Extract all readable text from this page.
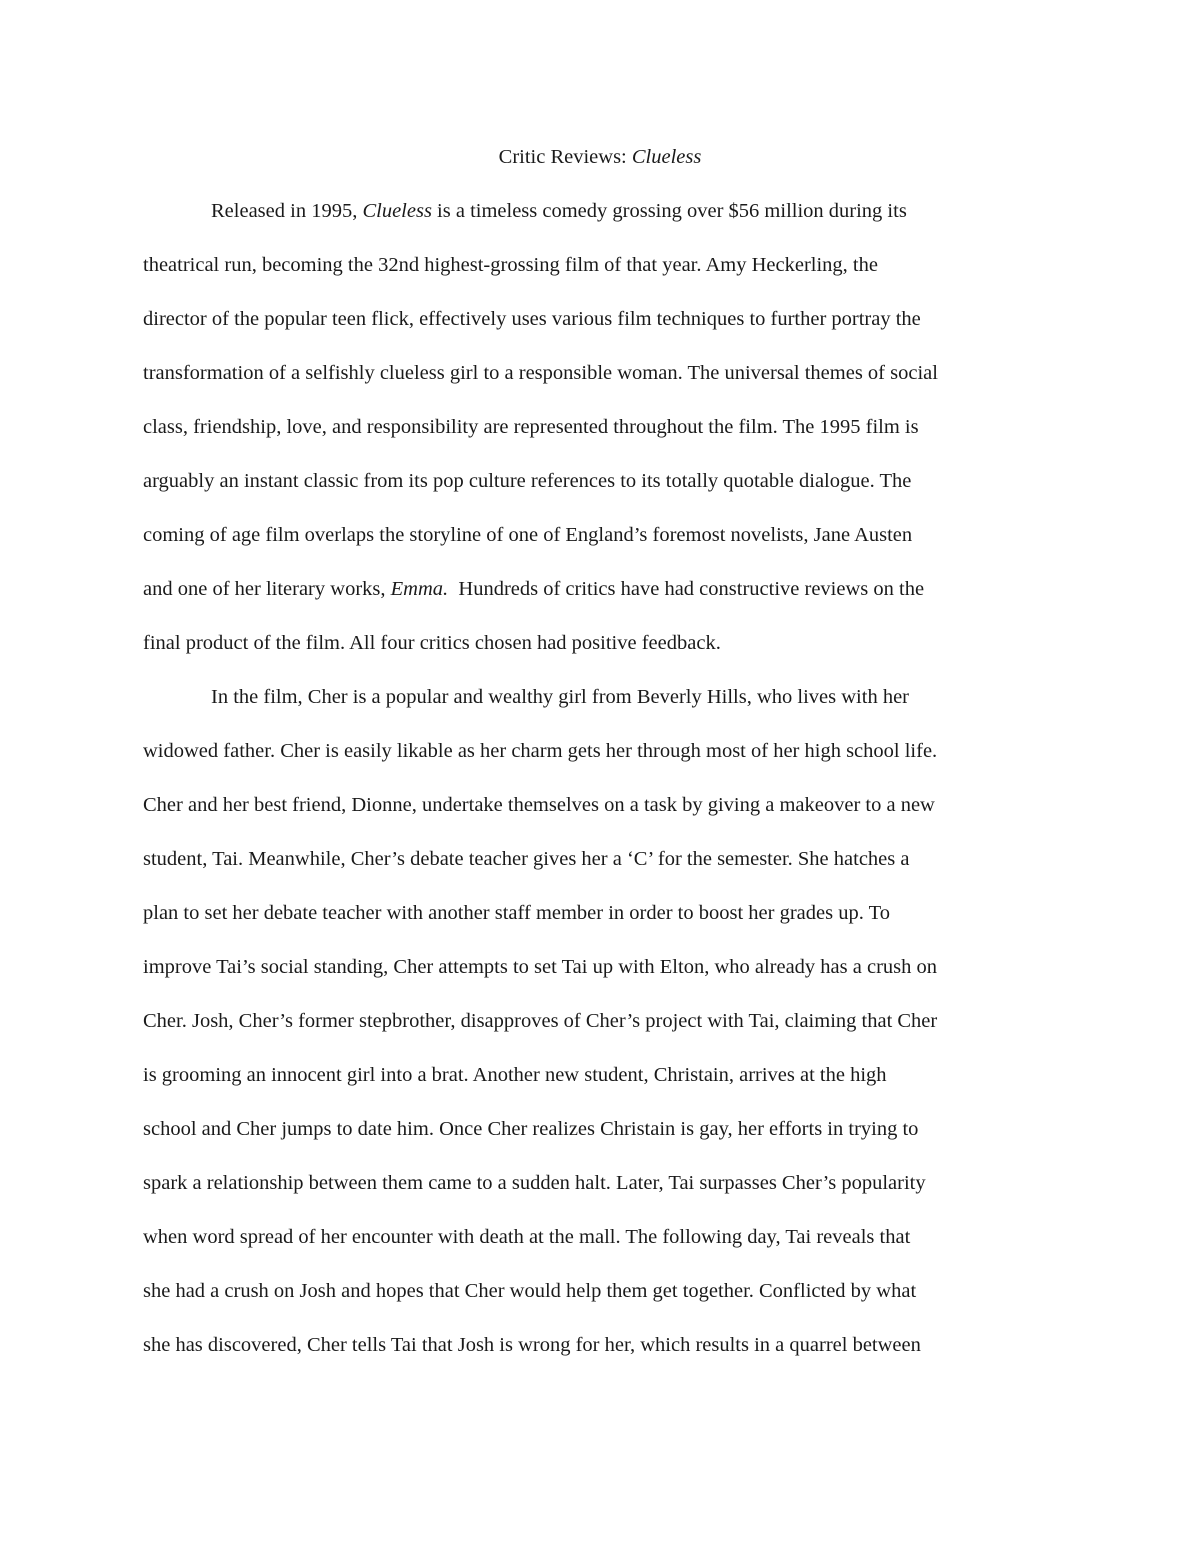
Critic Reviews: Clueless

Released in 1995, Clueless is a timeless comedy grossing over $56 million during its

theatrical run, becoming the 32nd highest-grossing film of that year. Amy Heckerling, the

director of the popular teen flick, effectively uses various film techniques to further portray the

transformation of a selfishly clueless girl to a responsible woman. The universal themes of social

class, friendship, love, and responsibility are represented throughout the film. The 1995 film is

arguably an instant classic from its pop culture references to its totally quotable dialogue. The

coming of age film overlaps the storyline of one of England’s foremost novelists, Jane Austen

and one of her literary works, Emma.  Hundreds of critics have had constructive reviews on the

final product of the film. All four critics chosen had positive feedback.

In the film, Cher is a popular and wealthy girl from Beverly Hills, who lives with her

widowed father. Cher is easily likable as her charm gets her through most of her high school life.

Cher and her best friend, Dionne, undertake themselves on a task by giving a makeover to a new

student, Tai. Meanwhile, Cher’s debate teacher gives her a ‘C’ for the semester. She hatches a

plan to set her debate teacher with another staff member in order to boost her grades up. To

improve Tai’s social standing, Cher attempts to set Tai up with Elton, who already has a crush on

Cher. Josh, Cher’s former stepbrother, disapproves of Cher’s project with Tai, claiming that Cher

is grooming an innocent girl into a brat. Another new student, Christain, arrives at the high

school and Cher jumps to date him. Once Cher realizes Christain is gay, her efforts in trying to

spark a relationship between them came to a sudden halt. Later, Tai surpasses Cher’s popularity

when word spread of her encounter with death at the mall. The following day, Tai reveals that

she had a crush on Josh and hopes that Cher would help them get together. Conflicted by what

she has discovered, Cher tells Tai that Josh is wrong for her, which results in a quarrel between
